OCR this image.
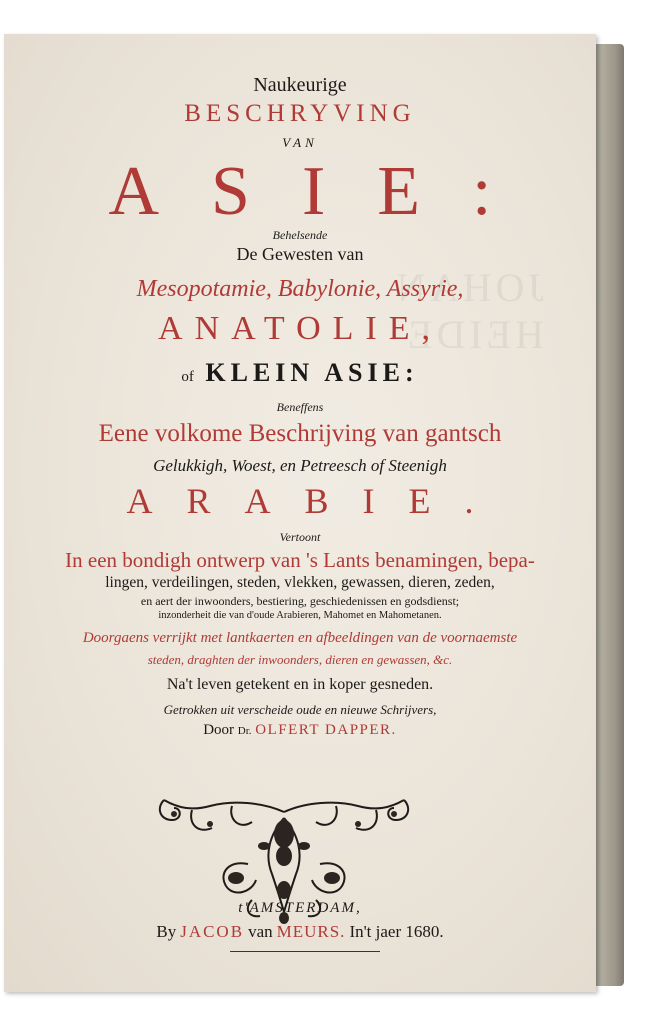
JOHAN HEIDE
Naukeurige
BESCHRYVING
VAN
ASIE:
Behelsende
De Gewesten van
Mesopotamie, Babylonie, Assyrie,
ANATOLIE,
of KLEIN ASIE:
Beneffens
Eene volkome Beschrijving van gantsch
Gelukkigh, Woest, en Petreesch of Steenigh
ARABIE.
Vertoont
In een bondigh ontwerp van 's Lants benamingen, bepa-
lingen, verdeilingen, steden, vlekken, gewassen, dieren, zeden,
en aert der inwoonders, bestiering, geschiedenissen en godsdienst;
inzonderheit die van d'oude Arabieren, Mahomet en Mahometanen.
Doorgaens verrijkt met lantkaerten en afbeeldingen van de voornaemste
steden, draghten der inwoonders, dieren en gewassen, &c.
Na't leven getekent en in koper gesneden.
Getrokken uit verscheide oude en nieuwe Schrijvers,
Door Dr. OLFERT DAPPER.
t'AMSTERDAM,
By JACOB van MEURS. In't jaer 1680.
